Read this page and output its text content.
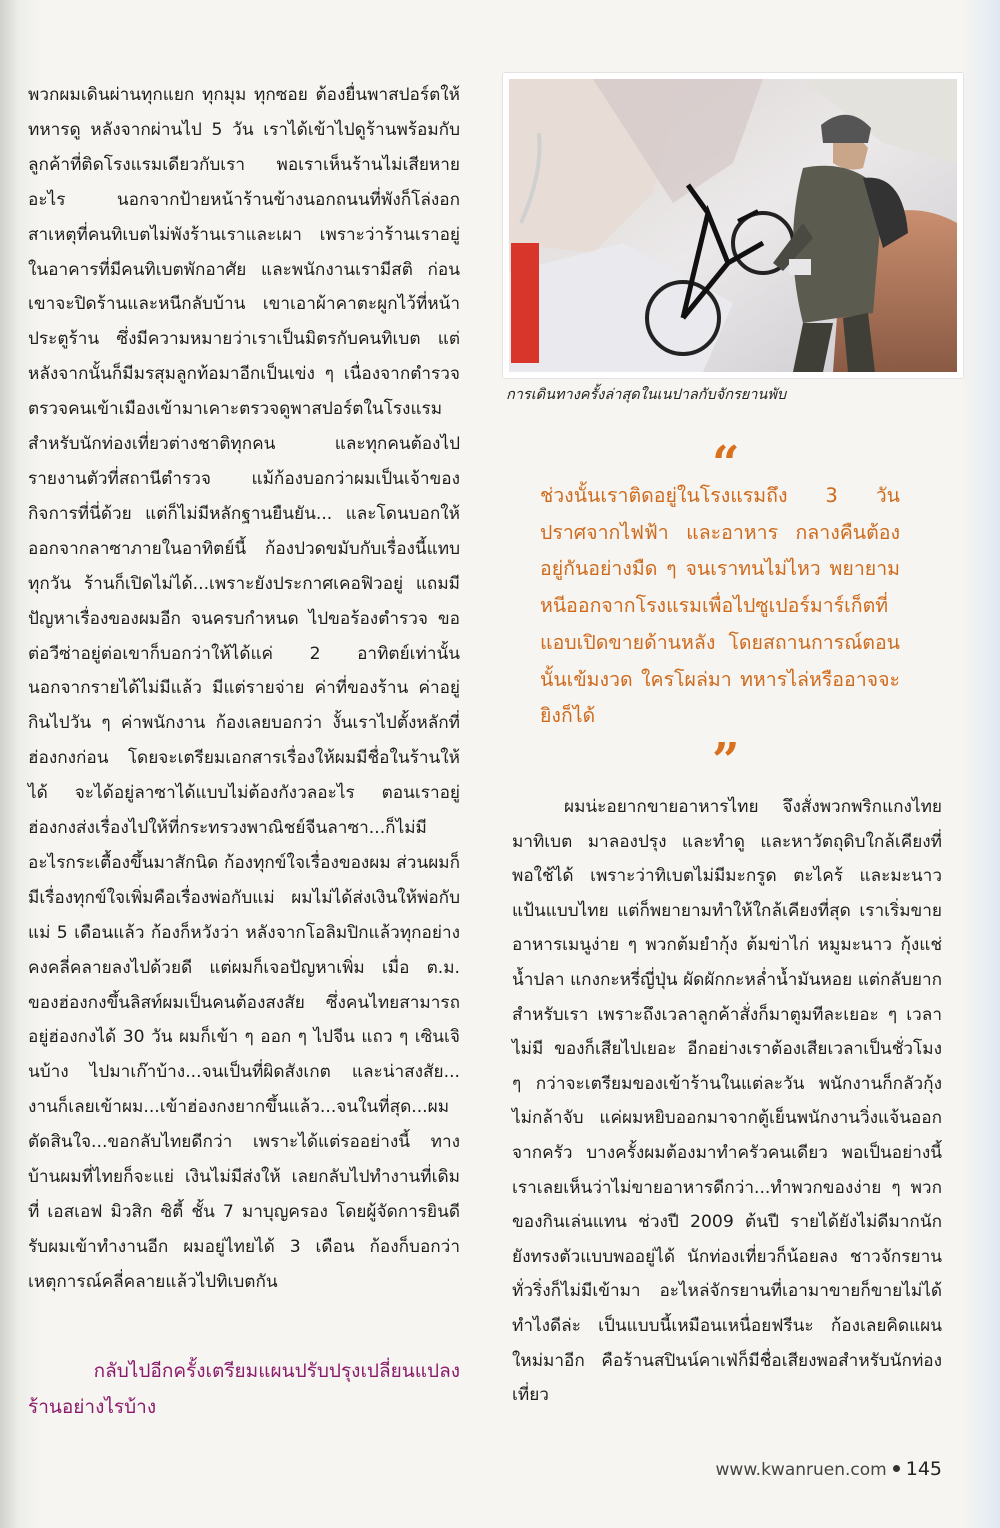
พวกผมเดินผ่านทุกแยก ทุกมุม ทุกซอย ต้องยื่นพาสปอร์ตให้ทหารดู หลังจากผ่านไป 5 วัน เราได้เข้าไปดูร้านพร้อมกับลูกค้าที่ติดโรงแรมเดียวกับเรา พอเราเห็นร้านไม่เสียหายอะไร นอกจากป้ายหน้าร้านข้างนอกถนนที่พังก็โล่งอก สาเหตุที่คนทิเบตไม่พังร้านเราและเผา เพราะว่าร้านเราอยู่ในอาคารที่มีคนทิเบตพักอาศัย และพนักงานเรามีสติ ก่อนเขาจะปิดร้านและหนีกลับบ้าน เขาเอาผ้าคาตะผูกไว้ที่หน้าประตูร้าน ซึ่งมีความหมายว่าเราเป็นมิตรกับคนทิเบต แต่หลังจากนั้นก็มีมรสุมลูกท้อมาอีกเป็นเข่ง ๆ เนื่องจากตำรวจตรวจคนเข้าเมืองเข้ามาเคาะตรวจดูพาสปอร์ตในโรงแรมสำหรับนักท่องเที่ยวต่างชาติทุกคน และทุกคนต้องไปรายงานตัวที่สถานีตำรวจ แม้ก้องบอกว่าผมเป็นเจ้าของกิจการที่นี่ด้วย แต่ก็ไม่มีหลักฐานยืนยัน... และโดนบอกให้ออกจากลาซาภายในอาทิตย์นี้ ก้องปวดขมับกับเรื่องนี้แทบทุกวัน ร้านก็เปิดไม่ได้...เพราะยังประกาศเคอฟิวอยู่ แถมมีปัญหาเรื่องของผมอีก จนครบกำหนด ไปขอร้องตำรวจ ขอต่อวีซ่าอยู่ต่อเขาก็บอกว่าให้ได้แค่ 2 อาทิตย์เท่านั้น นอกจากรายได้ไม่มีแล้ว มีแต่รายจ่าย ค่าที่ของร้าน ค่าอยู่กินไปวัน ๆ ค่าพนักงาน ก้องเลยบอกว่า งั้นเราไปตั้งหลักที่ฮ่องกงก่อน โดยจะเตรียมเอกสารเรื่องให้ผมมีชื่อในร้านให้ได้ จะได้อยู่ลาซาได้แบบไม่ต้องกังวลอะไร ตอนเราอยู่ฮ่องกงส่งเรื่องไปให้ที่กระทรวงพาณิชย์จีนลาซา...ก็ไม่มีอะไรกระเตื้องขึ้นมาสักนิด ก้องทุกข์ใจเรื่องของผม ส่วนผมก็มีเรื่องทุกข์ใจเพิ่มคือเรื่องพ่อกับแม่ ผมไม่ได้ส่งเงินให้พ่อกับแม่ 5 เดือนแล้ว ก้องก็หวังว่า หลังจากโอลิมปิกแล้วทุกอย่างคงคลี่คลายลงไปด้วยดี แต่ผมก็เจอปัญหาเพิ่ม เมื่อ ต.ม. ของฮ่องกงขึ้นลิสท์ผมเป็นคนต้องสงสัย ซึ่งคนไทยสามารถอยู่ฮ่องกงได้ 30 วัน ผมก็เข้า ๆ ออก ๆ ไปจีน แถว ๆ เซินเจินบ้าง ไปมาเก๊าบ้าง...จนเป็นที่ผิดสังเกต และน่าสงสัย... งานก็เลยเข้าผม...เข้าฮ่องกงยากขึ้นแล้ว...จนในที่สุด...ผมตัดสินใจ...ขอกลับไทยดีกว่า เพราะได้แต่รออย่างนี้ ทางบ้านผมที่ไทยก็จะแย่ เงินไม่มีส่งให้ เลยกลับไปทำงานที่เดิมที่ เอสเอฟ มิวสิก ซิตี้ ชั้น 7 มาบุญครอง โดยผู้จัดการยินดีรับผมเข้าทำงานอีก ผมอยู่ไทยได้ 3 เดือน ก้องก็บอกว่า เหตุการณ์คลี่คลายแล้วไปทิเบตกัน

กลับไปอีกครั้งเตรียมแผนปรับปรุงเปลี่ยนแปลง
ร้านอย่างไรบ้าง

การเดินทางครั้งล่าสุดในเนปาลกับจักรยานพับ

“

ช่วงนั้นเราติดอยู่ในโรงแรมถึง 3 วัน ปราศจากไฟฟ้า และอาหาร กลางคืนต้องอยู่กันอย่างมืด ๆ จนเราทนไม่ไหว พยายามหนีออกจากโรงแรมเพื่อไปซูเปอร์มาร์เก็ตที่แอบเปิดขายด้านหลัง โดยสถานการณ์ตอนนั้นเข้มงวด ใครโผล่มา ทหารไล่หรืออาจจะยิงก็ได้

”

ผมน่ะอยากขายอาหารไทย จึงสั่งพวกพริกแกงไทยมาทิเบต มาลองปรุง และทำดู และหาวัตถุดิบใกล้เคียงที่พอใช้ได้ เพราะว่าทิเบตไม่มีมะกรูด ตะไคร้ และมะนาวแป้นแบบไทย แต่ก็พยายามทำให้ใกล้เคียงที่สุด เราเริ่มขายอาหารเมนูง่าย ๆ พวกต้มยำกุ้ง ต้มข่าไก่ หมูมะนาว กุ้งแช่น้ำปลา แกงกะหรี่ญี่ปุ่น ผัดผักกะหล่ำน้ำมันหอย แต่กลับยากสำหรับเรา เพราะถึงเวลาลูกค้าสั่งก็มาตูมทีละเยอะ ๆ เวลาไม่มี ของก็เสียไปเยอะ อีกอย่างเราต้องเสียเวลาเป็นชั่วโมง ๆ กว่าจะเตรียมของเข้าร้านในแต่ละวัน พนักงานก็กลัวกุ้งไม่กล้าจับ แค่ผมหยิบออกมาจากตู้เย็นพนักงานวิ่งแจ้นออกจากครัว บางครั้งผมต้องมาทำครัวคนเดียว พอเป็นอย่างนี้เราเลยเห็นว่าไม่ขายอาหารดีกว่า...ทำพวกของง่าย ๆ พวกของกินเล่นแทน ช่วงปี 2009 ต้นปี รายได้ยังไม่ดีมากนัก ยังทรงตัวแบบพออยู่ได้ นักท่องเที่ยวก็น้อยลง ชาวจักรยานทั่วริ่งก็ไม่มีเข้ามา อะไหล่จักรยานที่เอามาขายก็ขายไม่ได้ ทำไงดีล่ะ เป็นแบบนี้เหมือนเหนื่อยฟรีนะ ก้องเลยคิดแผนใหม่มาอีก คือร้านสปินน์คาเฟ่ก็มีชื่อเสียงพอสำหรับนักท่องเที่ยว

www.kwanruen.com 145
